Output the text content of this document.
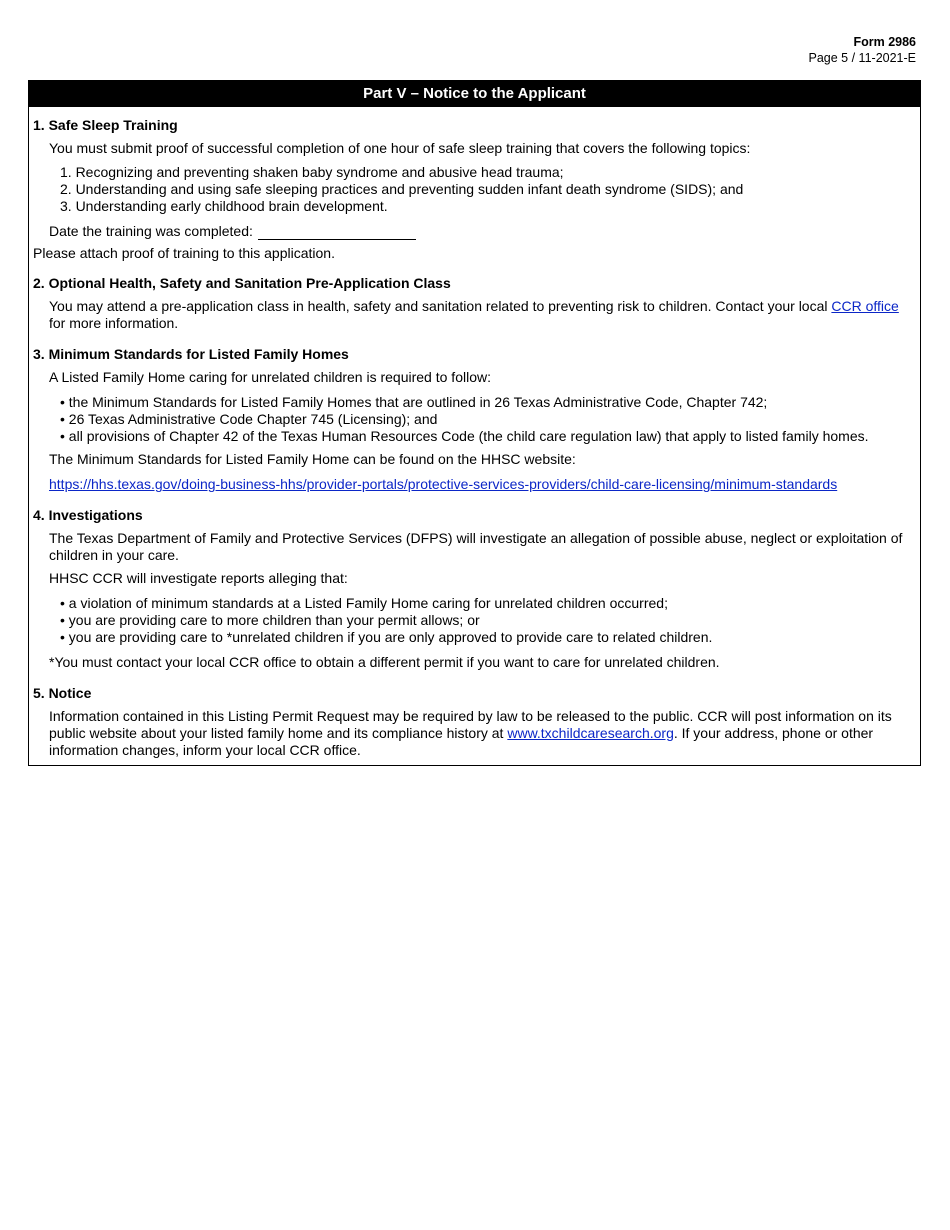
Form 2986
Page 5 / 11-2021-E
Part V – Notice to the Applicant
1. Safe Sleep Training

You must submit proof of successful completion of one hour of safe sleep training that covers the following topics:

1. Recognizing and preventing shaken baby syndrome and abusive head trauma;
2. Understanding and using safe sleeping practices and preventing sudden infant death syndrome (SIDS); and
3. Understanding early childhood brain development.
Date the training was completed:

Please attach proof of training to this application.

2. Optional Health, Safety and Sanitation Pre-Application Class

You may attend a pre-application class in health, safety and sanitation related to preventing risk to children. Contact your local CCR office for more information.

3. Minimum Standards for Listed Family Homes

A Listed Family Home caring for unrelated children is required to follow:

• the Minimum Standards for Listed Family Homes that are outlined in 26 Texas Administrative Code, Chapter 742;
• 26 Texas Administrative Code Chapter 745 (Licensing); and
• all provisions of Chapter 42 of the Texas Human Resources Code (the child care regulation law) that apply to listed family homes.

The Minimum Standards for Listed Family Home can be found on the HHSC website:

https://hhs.texas.gov/doing-business-hhs/provider-portals/protective-services-providers/child-care-licensing/minimum-standards

4. Investigations

The Texas Department of Family and Protective Services (DFPS) will investigate an allegation of possible abuse, neglect or exploitation of children in your care.

HHSC CCR will investigate reports alleging that:

• a violation of minimum standards at a Listed Family Home caring for unrelated children occurred;
• you are providing care to more children than your permit allows; or
• you are providing care to *unrelated children if you are only approved to provide care to related children.

*You must contact your local CCR office to obtain a different permit if you want to care for unrelated children.

5. Notice

Information contained in this Listing Permit Request may be required by law to be released to the public. CCR will post information on its public website about your listed family home and its compliance history at www.txchildcaresearch.org. If your address, phone or other information changes, inform your local CCR office.
